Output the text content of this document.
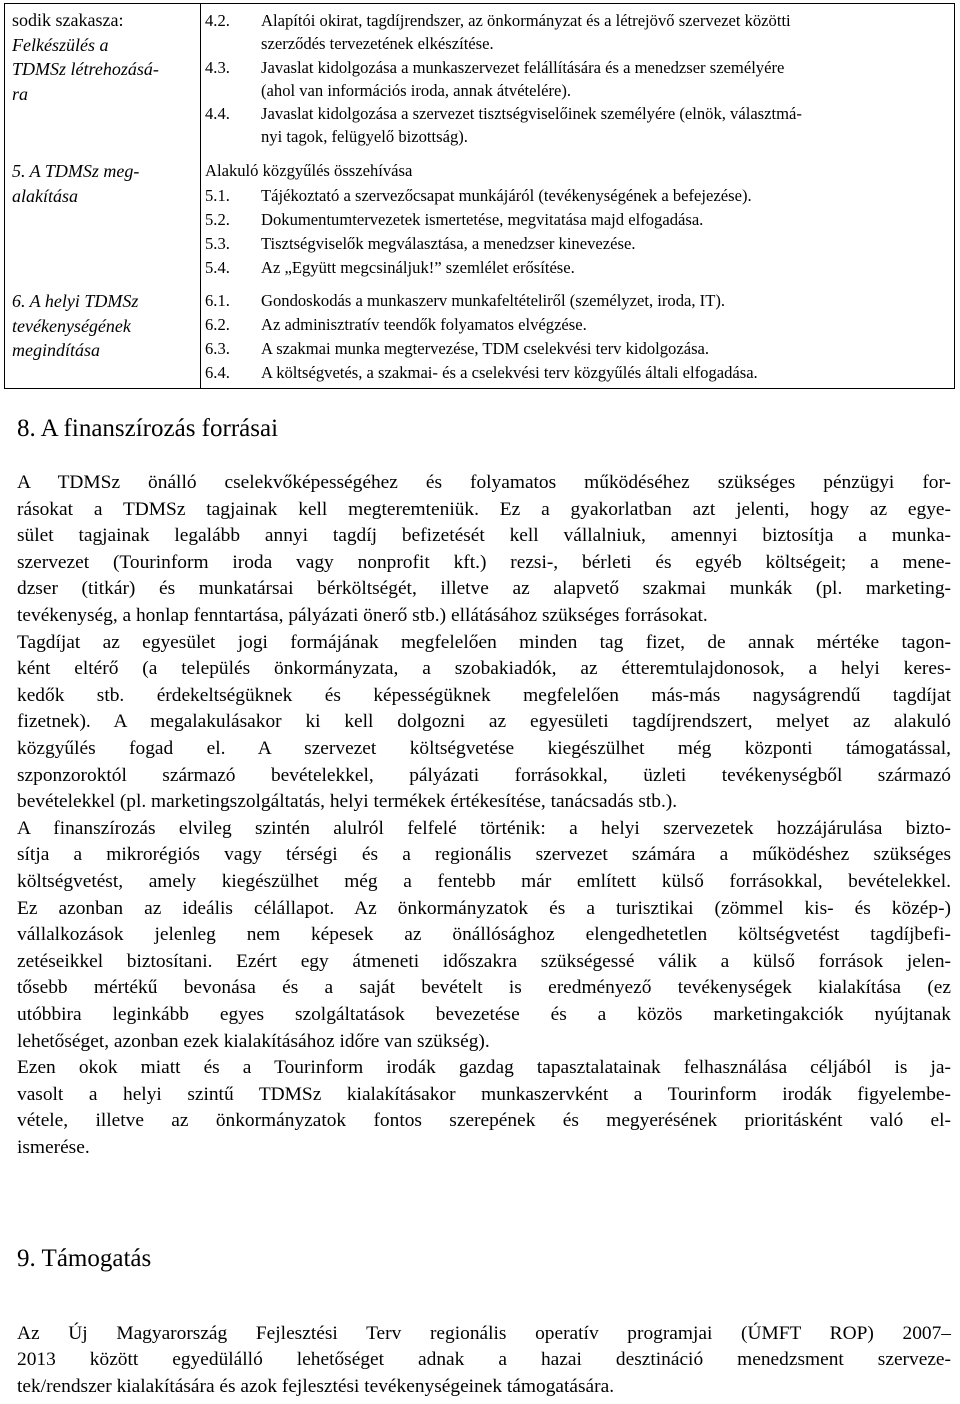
sodik szakasza:
Felkészülés a
TDMSz létrehozásá-
ra
5. A TDMSz meg-
alakítása
6. A helyi TDMSz
tevékenységének
megindítása
4.2. Alapítói okirat, tagdíjrendszer, az önkormányzat és a létrejövő szervezet közötti
szerződés tervezetének elkészítése.
4.3. Javaslat kidolgozása a munkaszervezet felállítására és a menedzser személyére
(ahol van információs iroda, annak átvételére).
4.4. Javaslat kidolgozása a szervezet tisztségviselőinek személyére (elnök, választmá-
nyi tagok, felügyelő bizottság).
Alakuló közgyűlés összehívása
5.1. Tájékoztató a szervezőcsapat munkájáról (tevékenységének a befejezése).
5.2. Dokumentumtervezetek ismertetése, megvitatása majd elfogadása.
5.3. Tisztségviselők megválasztása, a menedzser kinevezése.
5.4. Az „Együtt megcsináljuk!” szemlélet erősítése.
6.1. Gondoskodás a munkaszerv munkafeltételiről (személyzet, iroda, IT).
6.2. Az adminisztratív teendők folyamatos elvégzése.
6.3. A szakmai munka megtervezése, TDM cselekvési terv kidolgozása.
6.4. A költségvetés, a szakmai- és a cselekvési terv közgyűlés általi elfogadása.
8. A finanszírozás forrásai
A TDMSz önálló cselekvőképességéhez és folyamatos működéséhez szükséges pénzügyi for-
rásokat a TDMSz tagjainak kell megteremteniük. Ez a gyakorlatban azt jelenti, hogy az egye-
sület tagjainak legalább annyi tagdíj befizetését kell vállalniuk, amennyi biztosítja a munka-
szervezet (Tourinform iroda vagy nonprofit kft.) rezsi-, bérleti és egyéb költségeit; a mene-
dzser (titkár) és munkatársai bérköltségét, illetve az alapvető szakmai munkák (pl. marketing-
tevékenység, a honlap fenntartása, pályázati önerő stb.) ellátásához szükséges forrásokat.
Tagdíjat az egyesület jogi formájának megfelelően minden tag fizet, de annak mértéke tagon-
ként eltérő (a település önkormányzata, a szobakiadók, az étteremtulajdonosok, a helyi keres-
kedők stb. érdekeltségüknek és képességüknek megfelelően más-más nagyságrendű tagdíjat
fizetnek). A megalakulásakor ki kell dolgozni az egyesületi tagdíjrendszert, melyet az alakuló
közgyűlés fogad el. A szervezet költségvetése kiegészülhet még központi támogatással,
szponzoroktól származó bevételekkel, pályázati forrásokkal, üzleti tevékenységből származó
bevételekkel (pl. marketingszolgáltatás, helyi termékek értékesítése, tanácsadás stb.).
A finanszírozás elvileg szintén alulról felfelé történik: a helyi szervezetek hozzájárulása bizto-
sítja a mikrorégiós vagy térségi és a regionális szervezet számára a működéshez szükséges
költségvetést, amely kiegészülhet még a fentebb már említett külső forrásokkal, bevételekkel.
Ez azonban az ideális célállapot. Az önkormányzatok és a turisztikai (zömmel kis- és közép-)
vállalkozások jelenleg nem képesek az önállósághoz elengedhetetlen költségvetést tagdíjbefi-
zetéseikkel biztosítani. Ezért egy átmeneti időszakra szükségessé válik a külső források jelen-
tősebb mértékű bevonása és a saját bevételt is eredményező tevékenységek kialakítása (ez
utóbbira leginkább egyes szolgáltatások bevezetése és a közös marketingakciók nyújtanak
lehetőséget, azonban ezek kialakításához időre van szükség).
Ezen okok miatt és a Tourinform irodák gazdag tapasztalatainak felhasználása céljából is ja-
vasolt a helyi szintű TDMSz kialakításakor munkaszervként a Tourinform irodák figyelembe-
vétele, illetve az önkormányzatok fontos szerepének és megyerésének prioritásként való el-
ismerése.
9. Támogatás
Az Új Magyarország Fejlesztési Terv regionális operatív programjai (ÚMFT ROP) 2007–
2013 között egyedülálló lehetőséget adnak a hazai desztináció menedzsment szerveze-
tek/rendszer kialakítására és azok fejlesztési tevékenységeinek támogatására.
